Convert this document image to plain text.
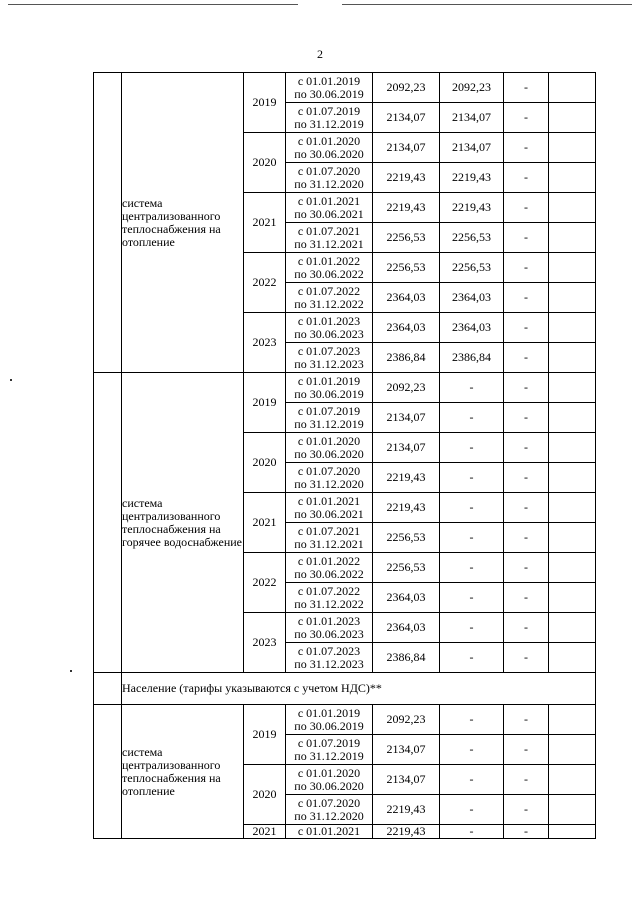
2
	система централизованного теплоснабжения на отопление	2019	с 01.01.2019
по 30.06.2019	2092,23	2092,23	-	

			с 01.07.2019
по 31.12.2019	2134,07	2134,07	-	
		2020	с 01.01.2020
по 30.06.2020	2134,07	2134,07	-	

			с 01.07.2020
по 31.12.2020	2219,43	2219,43	-	
		2021	с 01.01.2021
по 30.06.2021	2219,43	2219,43	-	

			с 01.07.2021
по 31.12.2021	2256,53	2256,53	-	
		2022	с 01.01.2022
по 30.06.2022	2256,53	2256,53	-	

			с 01.07.2022
по 31.12.2022	2364,03	2364,03	-	
		2023	с 01.01.2023
по 30.06.2023	2364,03	2364,03	-	

			с 01.07.2023
по 31.12.2023	2386,84	2386,84	-	
	система централизованного теплоснабжения на горячее водоснабжение	2019	с 01.01.2019
по 30.06.2019	2092,23	-	-	

			с 01.07.2019
по 31.12.2019	2134,07	-	-	
		2020	с 01.01.2020
по 30.06.2020	2134,07	-	-	

			с 01.07.2020
по 31.12.2020	2219,43	-	-	
		2021	с 01.01.2021
по 30.06.2021	2219,43	-	-	

			с 01.07.2021
по 31.12.2021	2256,53	-	-	
		2022	с 01.01.2022
по 30.06.2022	2256,53	-	-	

			с 01.07.2022
по 31.12.2022	2364,03	-	-	
		2023	с 01.01.2023
по 30.06.2023	2364,03	-	-	

			с 01.07.2023
по 31.12.2023	2386,84	-	-	
	Население (тарифы указываются с учетом НДС)**						
	система централизованного теплоснабжения на отопление	2019	с 01.01.2019
по 30.06.2019	2092,23	-	-	

			с 01.07.2019
по 31.12.2019	2134,07	-	-	
		2020	с 01.01.2020
по 30.06.2020	2134,07	-	-	

			с 01.07.2020
по 31.12.2020	2219,43	-	-	
		2021	с 01.01.2021	2219,43	-	-	
